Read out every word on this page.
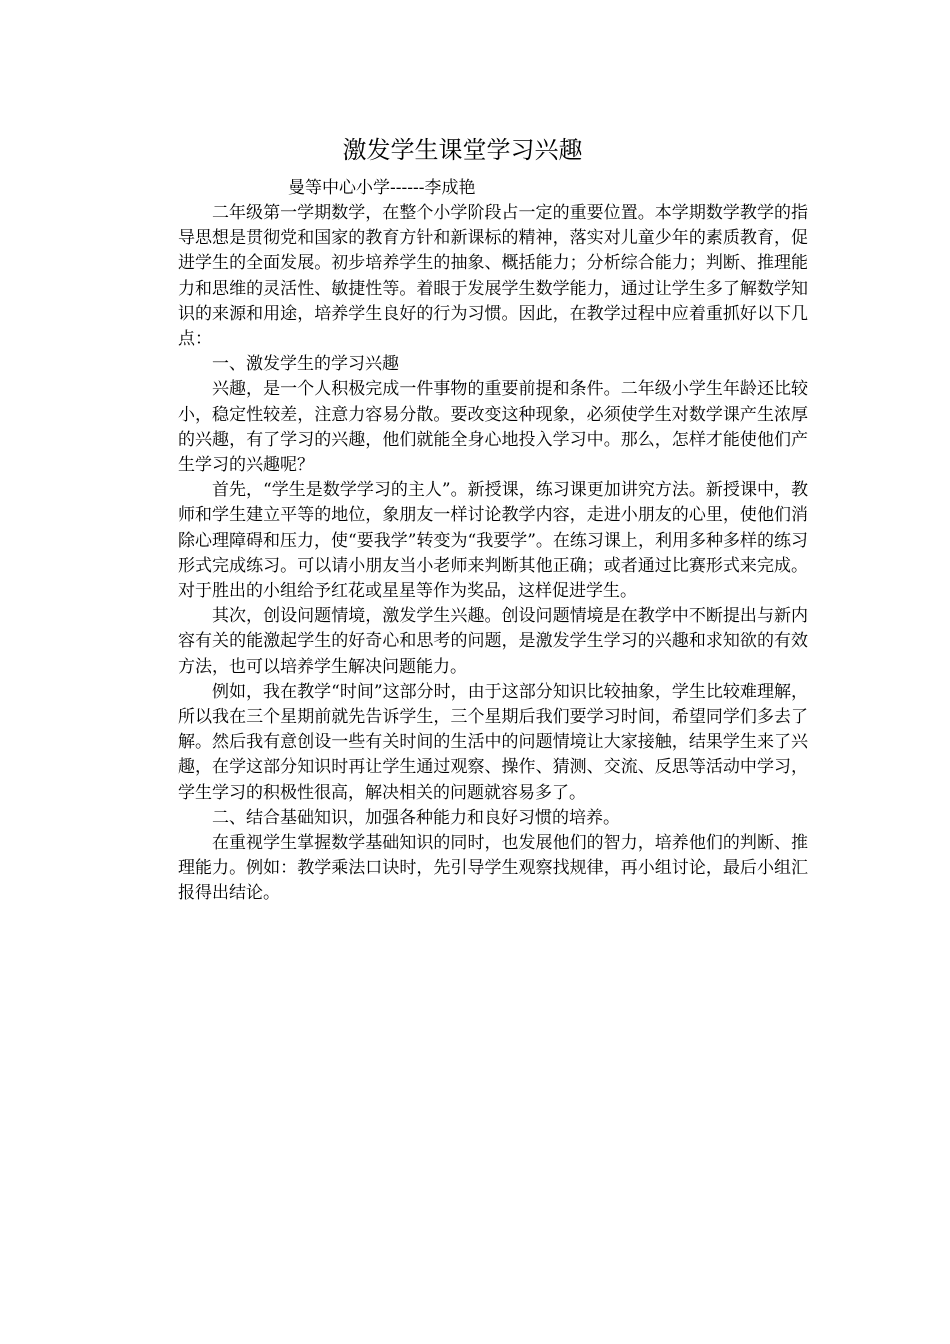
激发学生课堂学习兴趣
曼等中心小学------李成艳

二年级第一学期数学，在整个小学阶段占一定的重要位置。本学期数学教学的指导思想是贯彻党和国家的教育方针和新课标的精神，落实对儿童少年的素质教育，促进学生的全面发展。初步培养学生的抽象、概括能力；分析综合能力；判断、推理能力和思维的灵活性、敏捷性等。着眼于发展学生数学能力，通过让学生多了解数学知识的来源和用途，培养学生良好的行为习惯。因此，在教学过程中应着重抓好以下几点：

一、激发学生的学习兴趣

兴趣，是一个人积极完成一件事物的重要前提和条件。二年级小学生年龄还比较小，稳定性较差，注意力容易分散。要改变这种现象，必须使学生对数学课产生浓厚的兴趣，有了学习的兴趣，他们就能全身心地投入学习中。那么，怎样才能使他们产生学习的兴趣呢？

首先，“学生是数学学习的主人”。新授课，练习课更加讲究方法。新授课中，教师和学生建立平等的地位，象朋友一样讨论教学内容，走进小朋友的心里，使他们消除心理障碍和压力，使“要我学”转变为“我要学”。在练习课上，利用多种多样的练习形式完成练习。可以请小朋友当小老师来判断其他正确；或者通过比赛形式来完成。对于胜出的小组给予红花或星星等作为奖品，这样促进学生。

其次，创设问题情境，激发学生兴趣。创设问题情境是在教学中不断提出与新内容有关的能激起学生的好奇心和思考的问题，是激发学生学习的兴趣和求知欲的有效方法，也可以培养学生解决问题能力。

例如，我在教学“时间”这部分时，由于这部分知识比较抽象，学生比较难理解，所以我在三个星期前就先告诉学生，三个星期后我们要学习时间，希望同学们多去了解。然后我有意创设一些有关时间的生活中的问题情境让大家接触，结果学生来了兴趣，在学这部分知识时再让学生通过观察、操作、猜测、交流、反思等活动中学习，学生学习的积极性很高，解决相关的问题就容易多了。

二、结合基础知识，加强各种能力和良好习惯的培养。

在重视学生掌握数学基础知识的同时，也发展他们的智力，培养他们的判断、推理能力。例如：教学乘法口诀时，先引导学生观察找规律，再小组讨论，最后小组汇报得出结论。
